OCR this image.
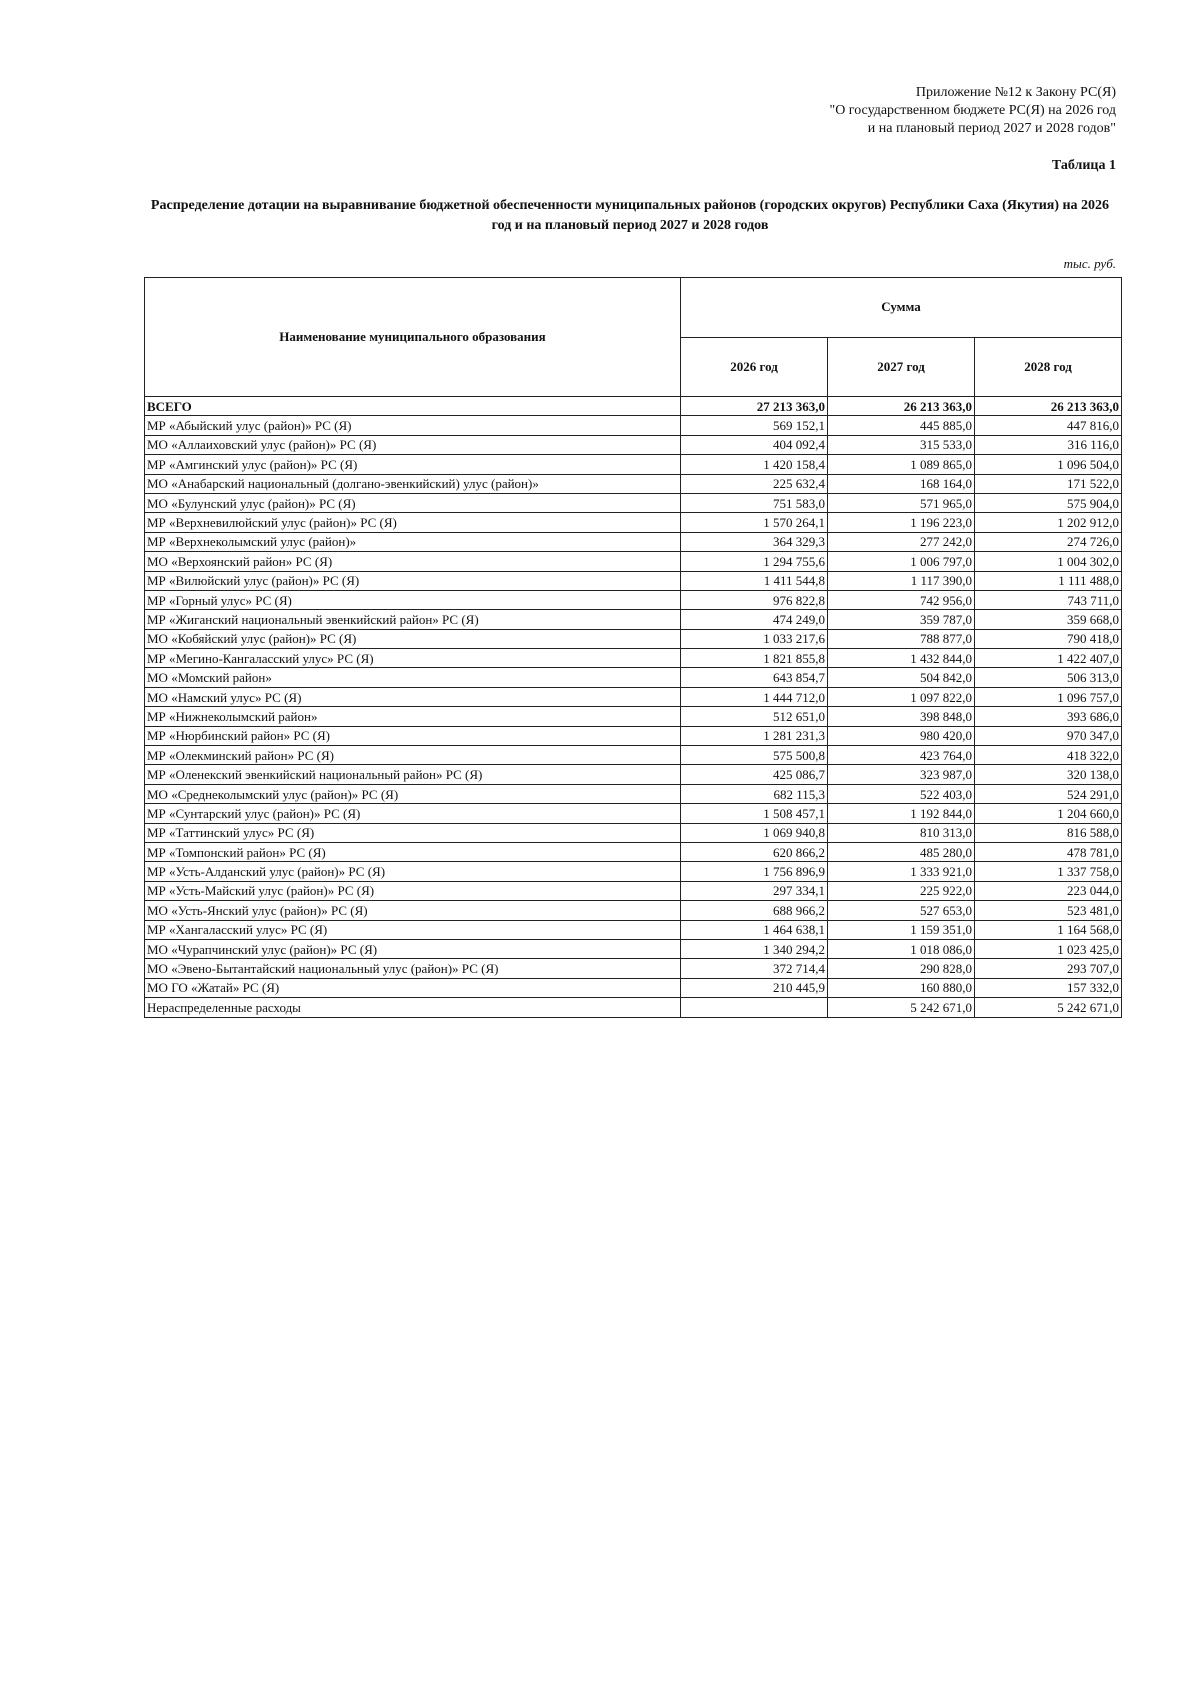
Приложение №12 к Закону РС(Я)
"О государственном бюджете РС(Я) на 2026 год
и на плановый период 2027 и 2028 годов"
Таблица 1
Распределение дотации на выравнивание бюджетной обеспеченности муниципальных районов (городских округов) Республики Саха (Якутия) на 2026 год и на плановый период 2027 и 2028 годов
тыс. руб.
Наименование муниципального образования	Сумма		
	2026 год	2027 год	2028 год
ВСЕГО	27 213 363,0	26 213 363,0	26 213 363,0
МР «Абыйский улус (район)» РС (Я)	569 152,1	445 885,0	447 816,0
МО «Аллаиховский улус (район)» РС (Я)	404 092,4	315 533,0	316 116,0
МР «Амгинский улус (район)» РС (Я)	1 420 158,4	1 089 865,0	1 096 504,0
МО «Анабарский национальный (долгано-эвенкийский) улус (район)»	225 632,4	168 164,0	171 522,0
МО «Булунский улус (район)» РС (Я)	751 583,0	571 965,0	575 904,0
МР «Верхневилюйский улус (район)» РС (Я)	1 570 264,1	1 196 223,0	1 202 912,0
МР «Верхнеколымский улус (район)»	364 329,3	277 242,0	274 726,0
МО «Верхоянский район» РС (Я)	1 294 755,6	1 006 797,0	1 004 302,0
МР «Вилюйский улус (район)» РС (Я)	1 411 544,8	1 117 390,0	1 111 488,0
МР «Горный улус» РС (Я)	976 822,8	742 956,0	743 711,0
МР «Жиганский национальный эвенкийский район» РС (Я)	474 249,0	359 787,0	359 668,0
МО «Кобяйский улус (район)» РС (Я)	1 033 217,6	788 877,0	790 418,0
МР «Мегино-Кангаласский улус» РС (Я)	1 821 855,8	1 432 844,0	1 422 407,0
МО «Момский район»	643 854,7	504 842,0	506 313,0
МО «Намский улус» РС (Я)	1 444 712,0	1 097 822,0	1 096 757,0
МР «Нижнеколымский район»	512 651,0	398 848,0	393 686,0
МР «Нюрбинский район» РС (Я)	1 281 231,3	980 420,0	970 347,0
МР «Олекминский район» РС (Я)	575 500,8	423 764,0	418 322,0
МР «Оленекский эвенкийский национальный район» РС (Я)	425 086,7	323 987,0	320 138,0
МО «Среднеколымский улус (район)» РС (Я)	682 115,3	522 403,0	524 291,0
МР «Сунтарский улус (район)» РС (Я)	1 508 457,1	1 192 844,0	1 204 660,0
МР «Таттинский улус» РС (Я)	1 069 940,8	810 313,0	816 588,0
МР «Томпонский район» РС (Я)	620 866,2	485 280,0	478 781,0
МР «Усть-Алданский улус (район)» РС (Я)	1 756 896,9	1 333 921,0	1 337 758,0
МР «Усть-Майский улус (район)» РС (Я)	297 334,1	225 922,0	223 044,0
МО «Усть-Янский улус (район)» РС (Я)	688 966,2	527 653,0	523 481,0
МР «Хангаласский улус» РС (Я)	1 464 638,1	1 159 351,0	1 164 568,0
МО «Чурапчинский улус (район)» РС (Я)	1 340 294,2	1 018 086,0	1 023 425,0
МО «Эвено-Бытантайский национальный улус (район)» РС (Я)	372 714,4	290 828,0	293 707,0
МО ГО «Жатай» РС (Я)	210 445,9	160 880,0	157 332,0
Нераспределенные расходы		5 242 671,0	5 242 671,0
